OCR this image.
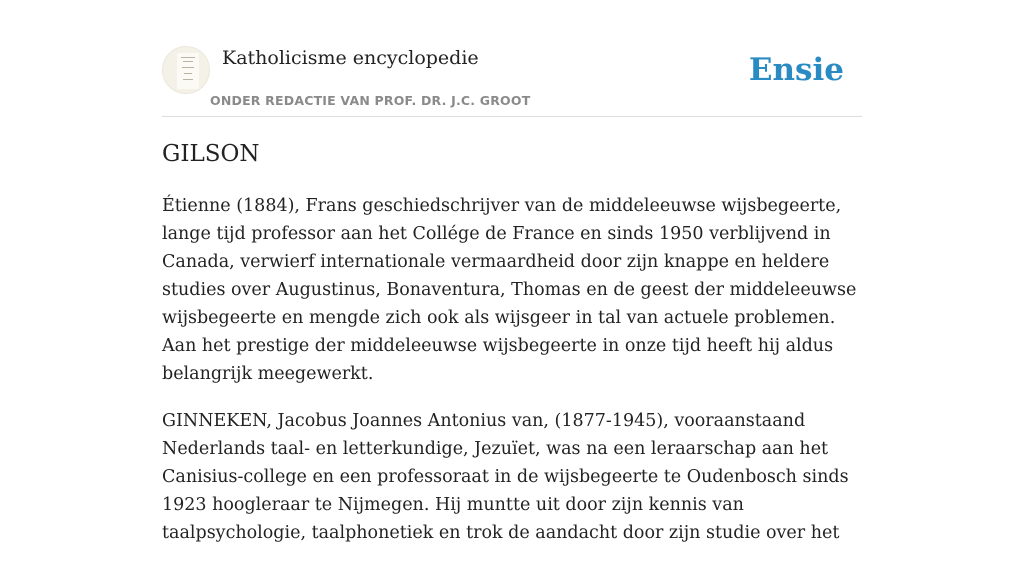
Katholicisme encyclopedie
ONDER REDACTIE VAN PROF. DR. J.C. GROOT
Ensie
GILSON

Étienne (1884), Frans geschiedschrijver van de middeleeuwse wijsbegeerte, lange tijd professor aan het Collége de France en sinds 1950 verblijvend in Canada, verwierf internationale vermaardheid door zijn knappe en heldere studies over Augustinus, Bonaventura, Thomas en de geest der middeleeuwse wijsbegeerte en mengde zich ook als wijsgeer in tal van actuele problemen. Aan het prestige der middeleeuwse wijsbegeerte in onze tijd heeft hij aldus belangrijk meegewerkt.

GINNEKEN, Jacobus Joannes Antonius van, (1877-1945), vooraanstaand Nederlands taal- en letterkundige, Jezuïet, was na een leraarschap aan het Canisius-college en een professoraat in de wijsbegeerte te Oudenbosch sinds 1923 hoogleraar te Nijmegen. Hij muntte uit door zijn kennis van taalpsychologie, taalphonetiek en trok de aandacht door zijn studie over het
